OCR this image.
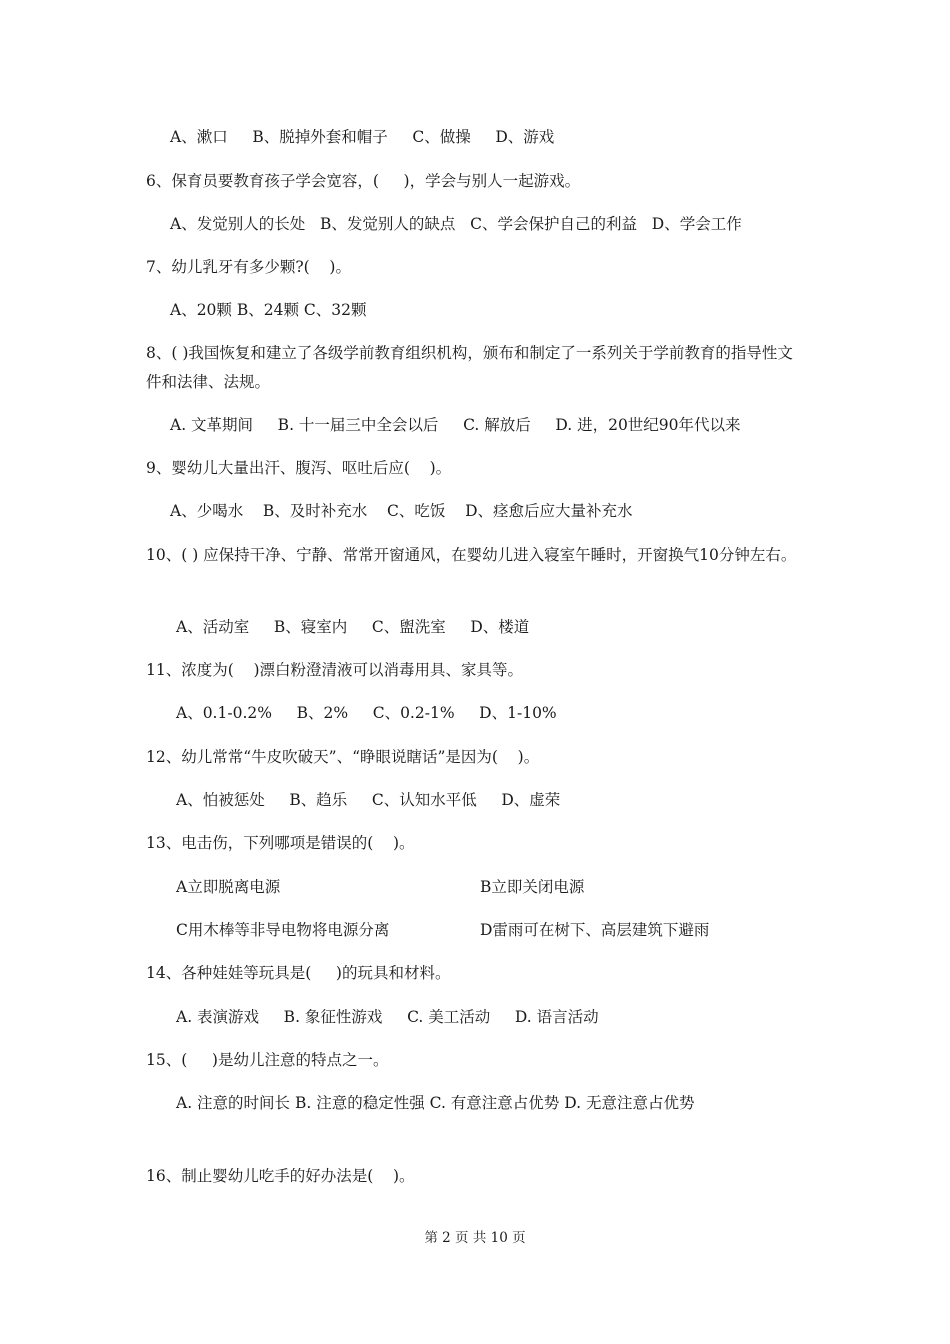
A、漱口     B、脱掉外套和帽子     C、做操     D、游戏
6、保育员要教育孩子学会宽容，(     )，学会与别人一起游戏。
A、发觉别人的长处   B、发觉别人的缺点   C、学会保护自己的利益   D、学会工作
7、幼儿乳牙有多少颗?(    )。
A、20颗 B、24颗 C、32颗
8、( )我国恢复和建立了各级学前教育组织机构，颁布和制定了一系列关于学前教育的指导性文件和法律、法规。
A. 文革期间     B. 十一届三中全会以后     C. 解放后     D. 进，20世纪90年代以来
9、婴幼儿大量出汗、腹泻、呕吐后应(    )。
A、少喝水    B、及时补充水    C、吃饭    D、痉愈后应大量补充水
10、( ) 应保持干净、宁静、常常开窗通风，在婴幼儿进入寝室午睡时，开窗换气10分钟左右。
A、活动室     B、寝室内     C、盥洗室     D、楼道
11、浓度为(    )漂白粉澄清液可以消毒用具、家具等。
A、0.1-0.2%     B、2%     C、0.2-1%     D、1-10%
12、幼儿常常“牛皮吹破天”、“睁眼说瞎话”是因为(    )。
A、怕被惩处     B、趋乐     C、认知水平低     D、虚荣
13、电击伤，下列哪项是错误的(    )。
A立即脱离电源	B立即关闭电源
C用木棒等非导电物将电源分离	D雷雨可在树下、高层建筑下避雨
14、各种娃娃等玩具是(     )的玩具和材料。
A. 表演游戏     B. 象征性游戏     C. 美工活动     D. 语言活动
15、(     )是幼儿注意的特点之一。
A. 注意的时间长 B. 注意的稳定性强 C. 有意注意占优势 D. 无意注意占优势
16、制止婴幼儿吃手的好办法是(    )。
第 2 页 共 10 页
